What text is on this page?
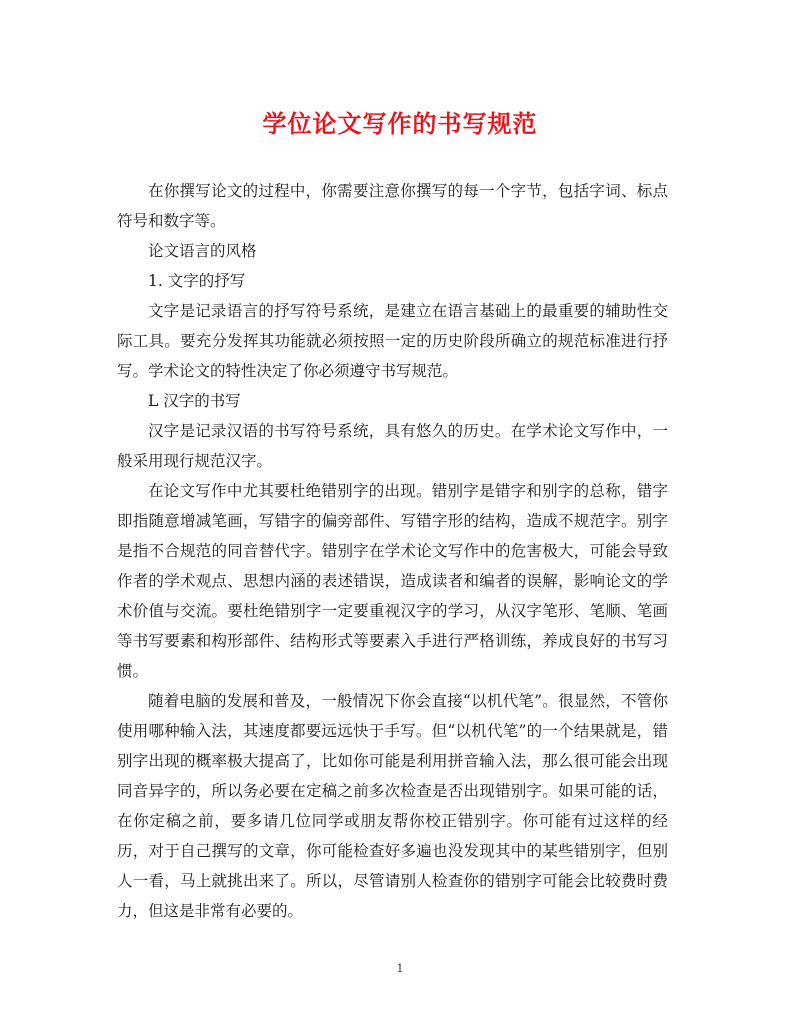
学位论文写作的书写规范

在你撰写论文的过程中，你需要注意你撰写的每一个字节，包括字词、标点符号和数字等。

论文语言的风格

1. 文字的抒写

文字是记录语言的抒写符号系统，是建立在语言基础上的最重要的辅助性交际工具。要充分发挥其功能就必须按照一定的历史阶段所确立的规范标准进行抒写。学术论文的特性决定了你必须遵守书写规范。

L 汉字的书写

汉字是记录汉语的书写符号系统，具有悠久的历史。在学术论文写作中，一般采用现行规范汉字。

在论文写作中尤其要杜绝错别字的出现。错别字是错字和别字的总称，错字即指随意增减笔画，写错字的偏旁部件、写错字形的结构，造成不规范字。别字是指不合规范的同音替代字。错别字在学术论文写作中的危害极大，可能会导致作者的学术观点、思想内涵的表述错误，造成读者和编者的误解，影响论文的学术价值与交流。要杜绝错别字一定要重视汉字的学习，从汉字笔形、笔顺、笔画等书写要素和构形部件、结构形式等要素入手进行严格训练，养成良好的书写习惯。

随着电脑的发展和普及，一般情况下你会直接“以机代笔”。很显然，不管你使用哪种输入法，其速度都要远远快于手写。但“以机代笔”的一个结果就是，错别字出现的概率极大提高了，比如你可能是利用拼音输入法，那么很可能会出现同音异字的，所以务必要在定稿之前多次检查是否出现错别字。如果可能的话，在你定稿之前，要多请几位同学或朋友帮你校正错别字。你可能有过这样的经历，对于自己撰写的文章，你可能检查好多遍也没发现其中的某些错别字，但别人一看，马上就挑出来了。所以，尽管请别人检查你的错别字可能会比较费时费力，但这是非常有必要的。

1
